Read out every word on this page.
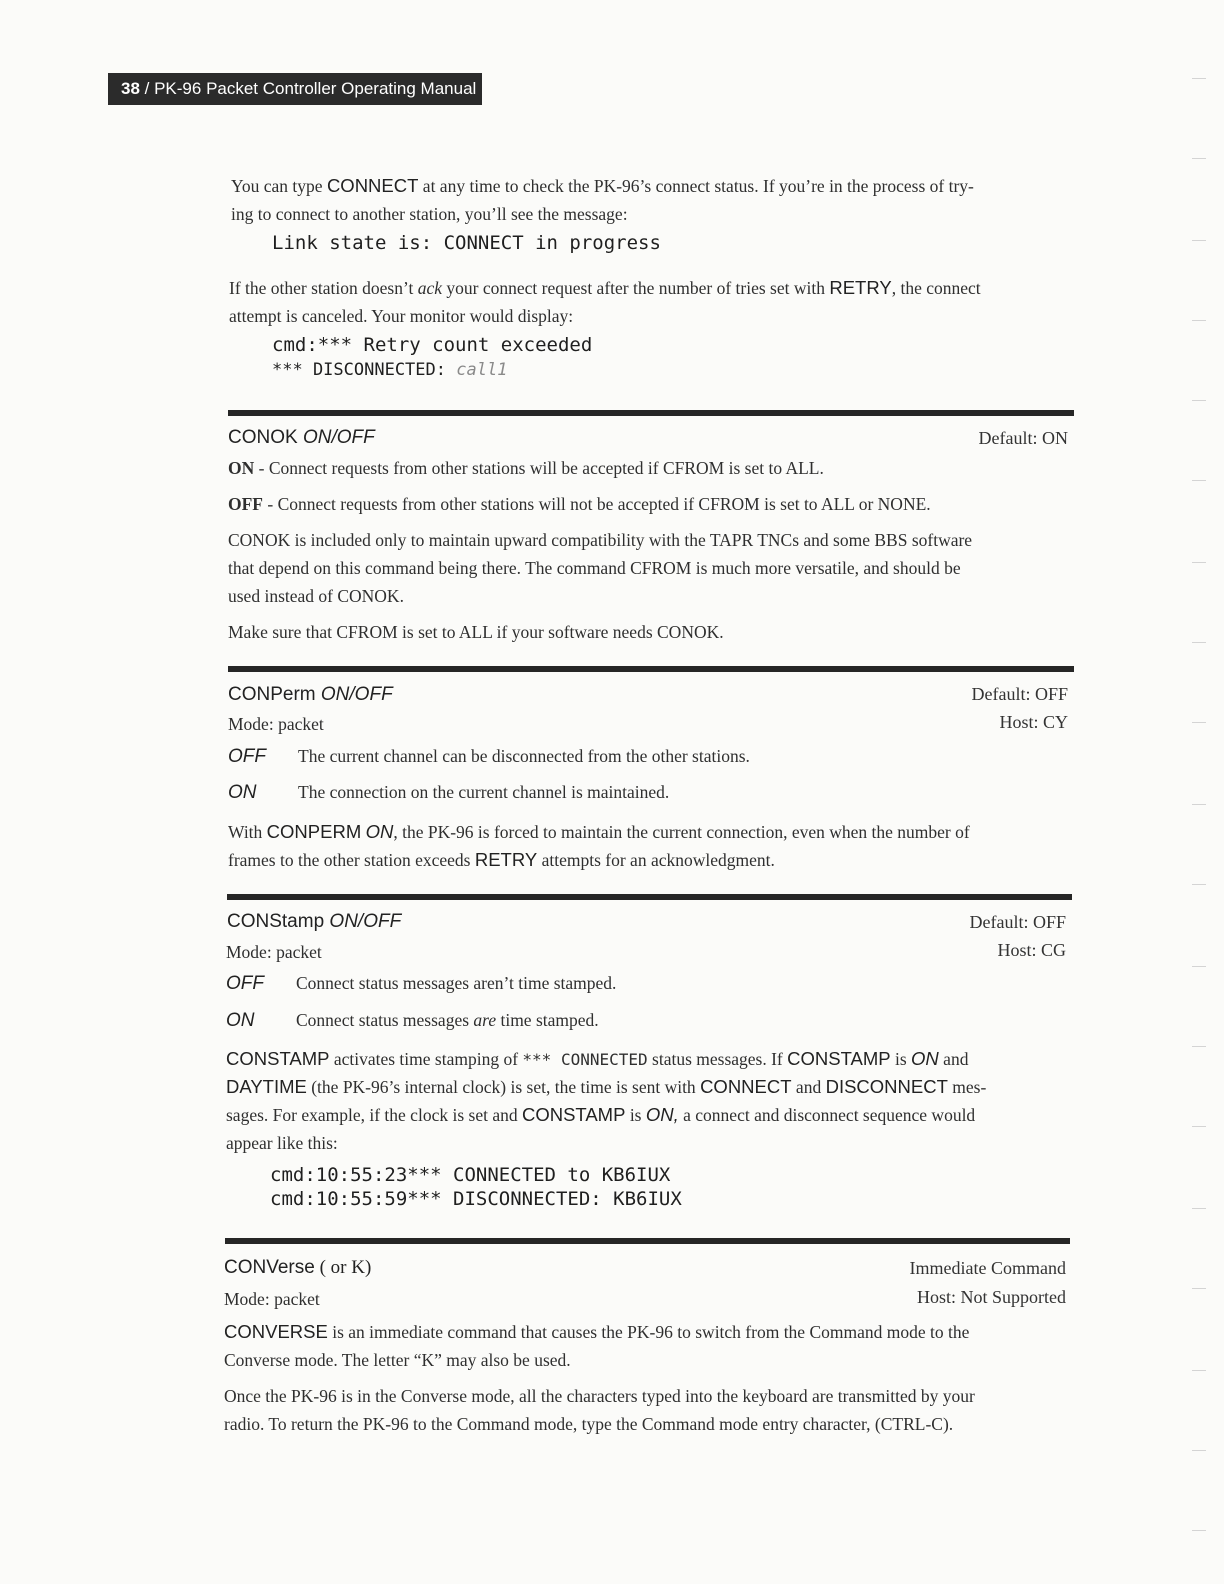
38 / PK-96 Packet Controller Operating Manual
You can type CONNECT at any time to check the PK-96’s connect status. If you’re in the process of try-
ing to connect to another station, you’ll see the message:
Link state is: CONNECT in progress
If the other station doesn’t ack your connect request after the number of tries set with RETRY, the connect
attempt is canceled. Your monitor would display:
cmd:*** Retry count exceeded
*** DISCONNECTED: call1
CONOK ON/OFF	Default: ON
ON - Connect requests from other stations will be accepted if CFROM is set to ALL.
OFF - Connect requests from other stations will not be accepted if CFROM is set to ALL or NONE.
CONOK is included only to maintain upward compatibility with the TAPR TNCs and some BBS software
that depend on this command being there. The command CFROM is much more versatile, and should be
used instead of CONOK.
Make sure that CFROM is set to ALL if your software needs CONOK.
CONPerm ON/OFF	Default: OFF
Mode: packet	Host: CY
OFF The current channel can be disconnected from the other stations.
ON The connection on the current channel is maintained.
With CONPERM ON, the PK-96 is forced to maintain the current connection, even when the number of
frames to the other station exceeds RETRY attempts for an acknowledgment.
CONStamp ON/OFF	Default: OFF
Mode: packet	Host: CG
OFF Connect status messages aren’t time stamped.
ON Connect status messages are time stamped.
CONSTAMP activates time stamping of *** CONNECTED status messages. If CONSTAMP is ON and
DAYTIME (the PK-96’s internal clock) is set, the time is sent with CONNECT and DISCONNECT mes-
sages. For example, if the clock is set and CONSTAMP is ON, a connect and disconnect sequence would
appear like this:
cmd:10:55:23*** CONNECTED to KB6IUX
cmd:10:55:59*** DISCONNECTED: KB6IUX
CONVerse ( or K)	Immediate Command
Mode: packet	Host: Not Supported
CONVERSE is an immediate command that causes the PK-96 to switch from the Command mode to the
Converse mode. The letter “K” may also be used.
Once the PK-96 is in the Converse mode, all the characters typed into the keyboard are transmitted by your
radio. To return the PK-96 to the Command mode, type the Command mode entry character, (CTRL-C).
